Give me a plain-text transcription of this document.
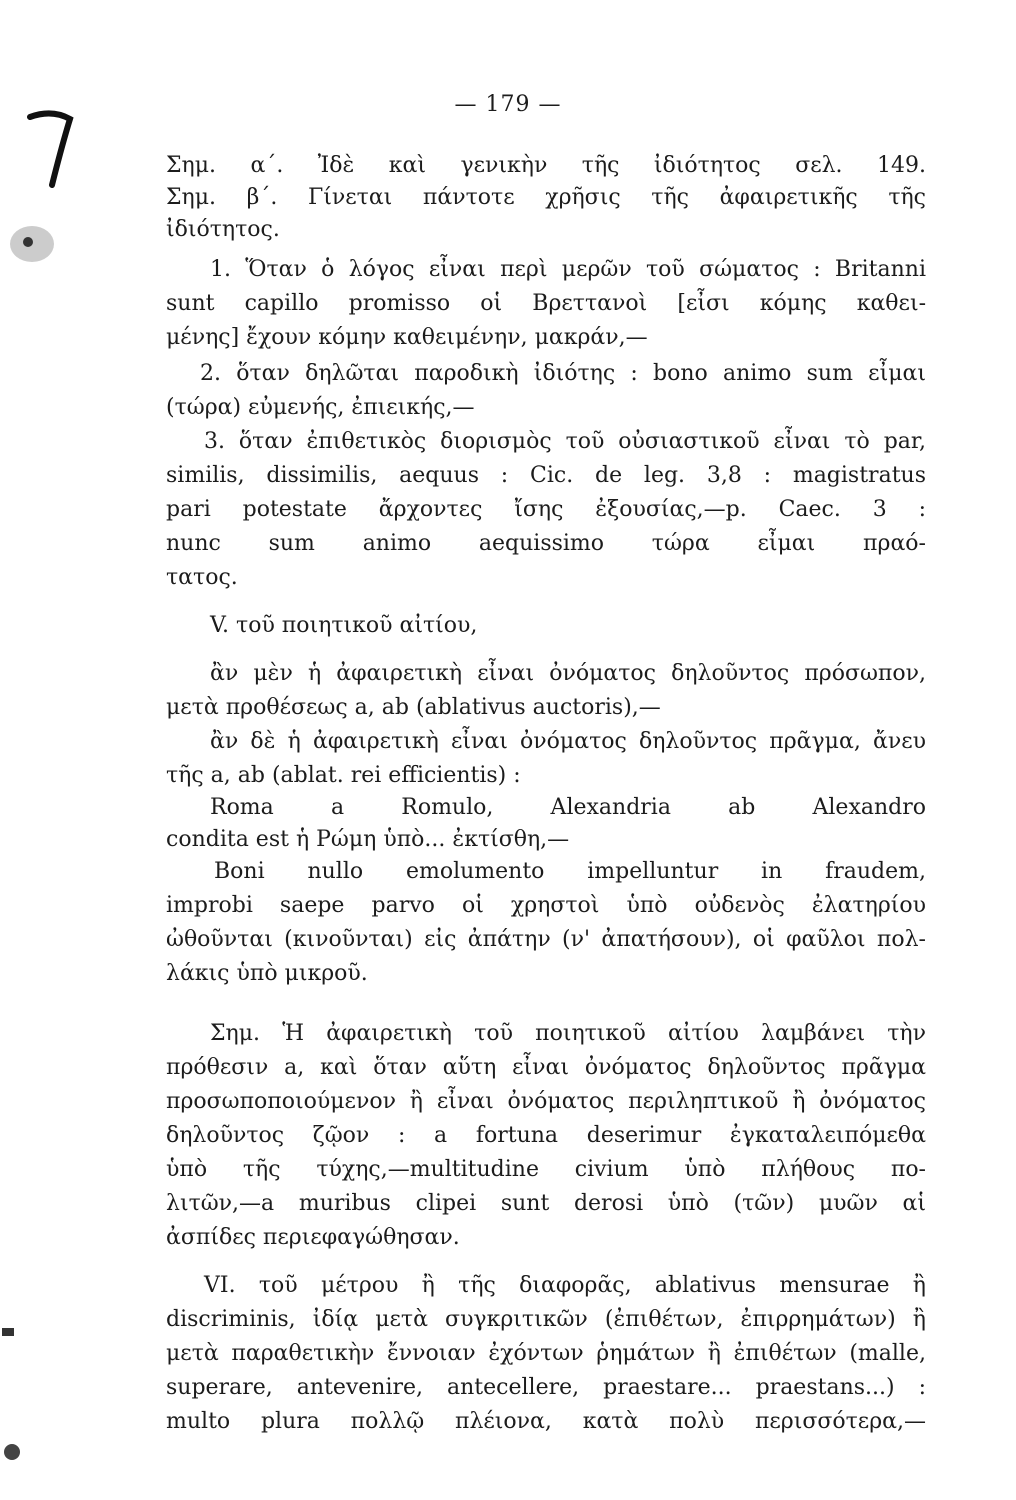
— 179 —
Σημ. α΄. Ἰδὲ καὶ γενικὴν τῆς ἰδιότητος σελ. 149.
Σημ. β΄. Γίνεται πάντοτε χρῆσις τῆς ἀφαιρετικῆς τῆς
ἰδιότητος.
1. Ὅταν ὁ λόγος εἶναι περὶ μερῶν τοῦ σώματος : Britanni
sunt capillo promisso οἱ Βρεττανοὶ [εἶσι κόμης καθει-
μένης] ἔχουν κόμην καθειμένην, μακράν,—
2. ὅταν δηλῶται παροδικὴ ἰδιότης : bono animo sum εἶμαι
(τώρα) εὐμενής, ἐπιεικής,—
3. ὅταν ἐπιθετικὸς διορισμὸς τοῦ οὐσιαστικοῦ εἶναι τὸ par,
similis, dissimilis, aequus : Cic. de leg. 3,8 : magistratus
pari potestate ἄρχοντες ἴσης ἐξουσίας,—p. Caec. 3 :
nunc sum animo aequissimo τώρα εἶμαι πραό-
τατος.
V. τοῦ ποιητικοῦ αἰτίου,
ἂν μὲν ἡ ἀφαιρετικὴ εἶναι ὀνόματος δηλοῦντος πρόσωπον,
μετὰ προθέσεως a, ab (ablativus auctoris),—
ἂν δὲ ἡ ἀφαιρετικὴ εἶναι ὀνόματος δηλοῦντος πρᾶγμα, ἄνευ
τῆς a, ab (ablat. rei efficientis) :
Roma a Romulo, Alexandria ab Alexandro
condita est ἡ Ρώμη ὑπὸ... ἐκτίσθη,—
Boni nullo emolumento impelluntur in fraudem,
improbi saepe parvo οἱ χρηστοὶ ὑπὸ οὐδενὸς ἐλατηρίου
ὠθοῦνται (κινοῦνται) εἰς ἀπάτην (ν' ἀπατήσουν), οἱ φαῦλοι πολ-
λάκις ὑπὸ μικροῦ.
Σημ. Ἡ ἀφαιρετικὴ τοῦ ποιητικοῦ αἰτίου λαμβάνει τὴν
πρόθεσιν a, καὶ ὅταν αὕτη εἶναι ὀνόματος δηλοῦντος πρᾶγμα
προσωποποιούμενον ἢ εἶναι ὀνόματος περιληπτικοῦ ἢ ὀνόματος
δηλοῦντος ζῷον : a fortuna deserimur ἐγκαταλειπόμεθα
ὑπὸ τῆς τύχης,—multitudine civium ὑπὸ πλήθους πο-
λιτῶν,—a muribus clipei sunt derosi ὑπὸ (τῶν) μυῶν αἱ
ἀσπίδες περιεφαγώθησαν.
VI. τοῦ μέτρου ἢ τῆς διαφορᾶς, ablativus mensurae ἢ
discriminis, ἰδίᾳ μετὰ συγκριτικῶν (ἐπιθέτων, ἐπιρρημάτων) ἢ
μετὰ παραθετικὴν ἔννοιαν ἐχόντων ῥημάτων ἢ ἐπιθέτων (malle,
superare, antevenire, antecellere, praestare... praestans...) :
multo plura πολλῷ πλέιονα, κατὰ πολὺ περισσότερα,—
